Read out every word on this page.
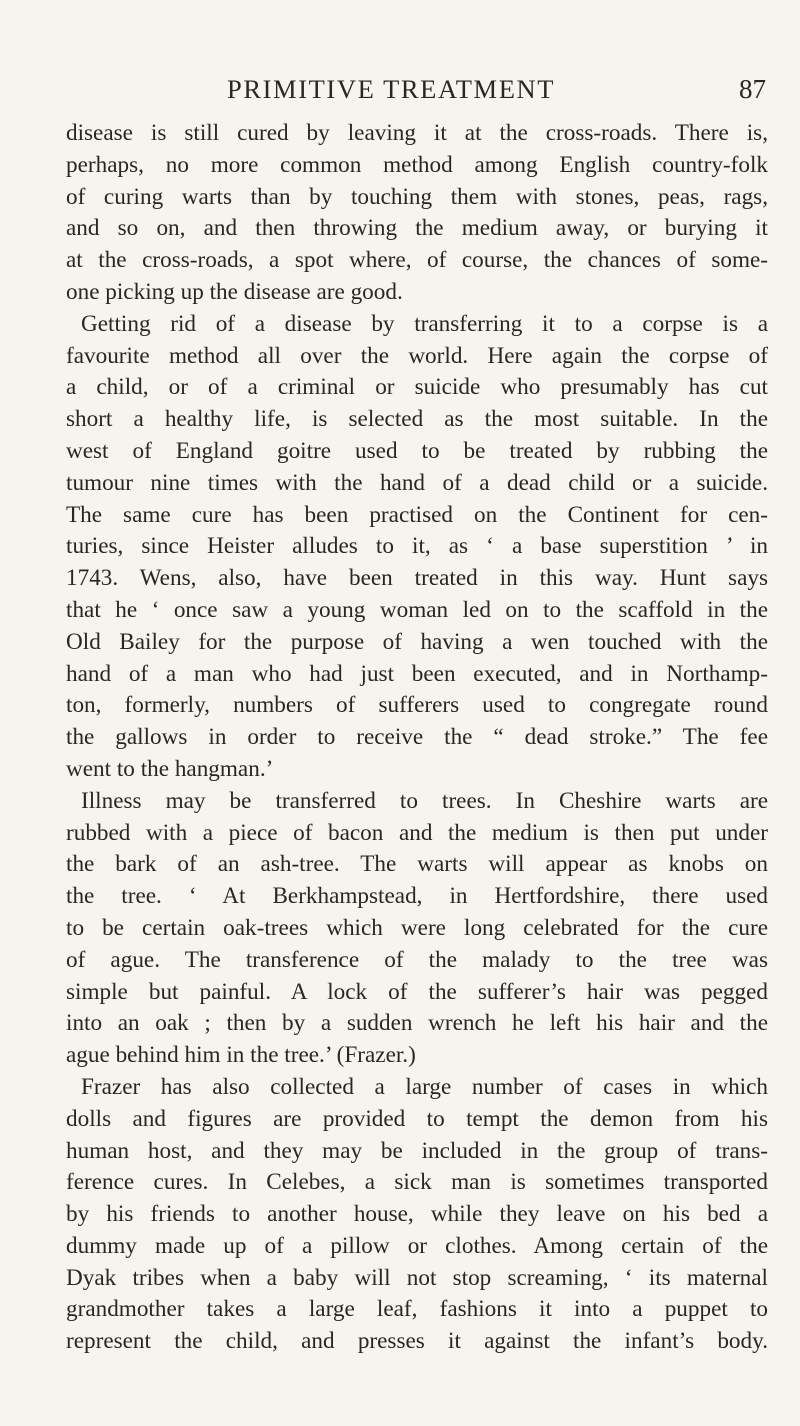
PRIMITIVE TREATMENT	87
disease is still cured by leaving it at the cross-roads. There is,
perhaps, no more common method among English country-folk
of curing warts than by touching them with stones, peas, rags,
and so on, and then throwing the medium away, or burying it
at the cross-roads, a spot where, of course, the chances of some-
one picking up the disease are good.
Getting rid of a disease by transferring it to a corpse is a
favourite method all over the world. Here again the corpse of
a child, or of a criminal or suicide who presumably has cut
short a healthy life, is selected as the most suitable. In the
west of England goitre used to be treated by rubbing the
tumour nine times with the hand of a dead child or a suicide.
The same cure has been practised on the Continent for cen-
turies, since Heister alludes to it, as ‘ a base superstition ’ in
1743. Wens, also, have been treated in this way. Hunt says
that he ‘ once saw a young woman led on to the scaffold in the
Old Bailey for the purpose of having a wen touched with the
hand of a man who had just been executed, and in Northamp-
ton, formerly, numbers of sufferers used to congregate round
the gallows in order to receive the “ dead stroke.” The fee
went to the hangman.’
Illness may be transferred to trees. In Cheshire warts are
rubbed with a piece of bacon and the medium is then put under
the bark of an ash-tree. The warts will appear as knobs on
the tree. ‘ At Berkhampstead, in Hertfordshire, there used
to be certain oak-trees which were long celebrated for the cure
of ague. The transference of the malady to the tree was
simple but painful. A lock of the sufferer’s hair was pegged
into an oak ; then by a sudden wrench he left his hair and the
ague behind him in the tree.’ (Frazer.)
Frazer has also collected a large number of cases in which
dolls and figures are provided to tempt the demon from his
human host, and they may be included in the group of trans-
ference cures. In Celebes, a sick man is sometimes transported
by his friends to another house, while they leave on his bed a
dummy made up of a pillow or clothes. Among certain of the
Dyak tribes when a baby will not stop screaming, ‘ its maternal
grandmother takes a large leaf, fashions it into a puppet to
represent the child, and presses it against the infant’s body.
